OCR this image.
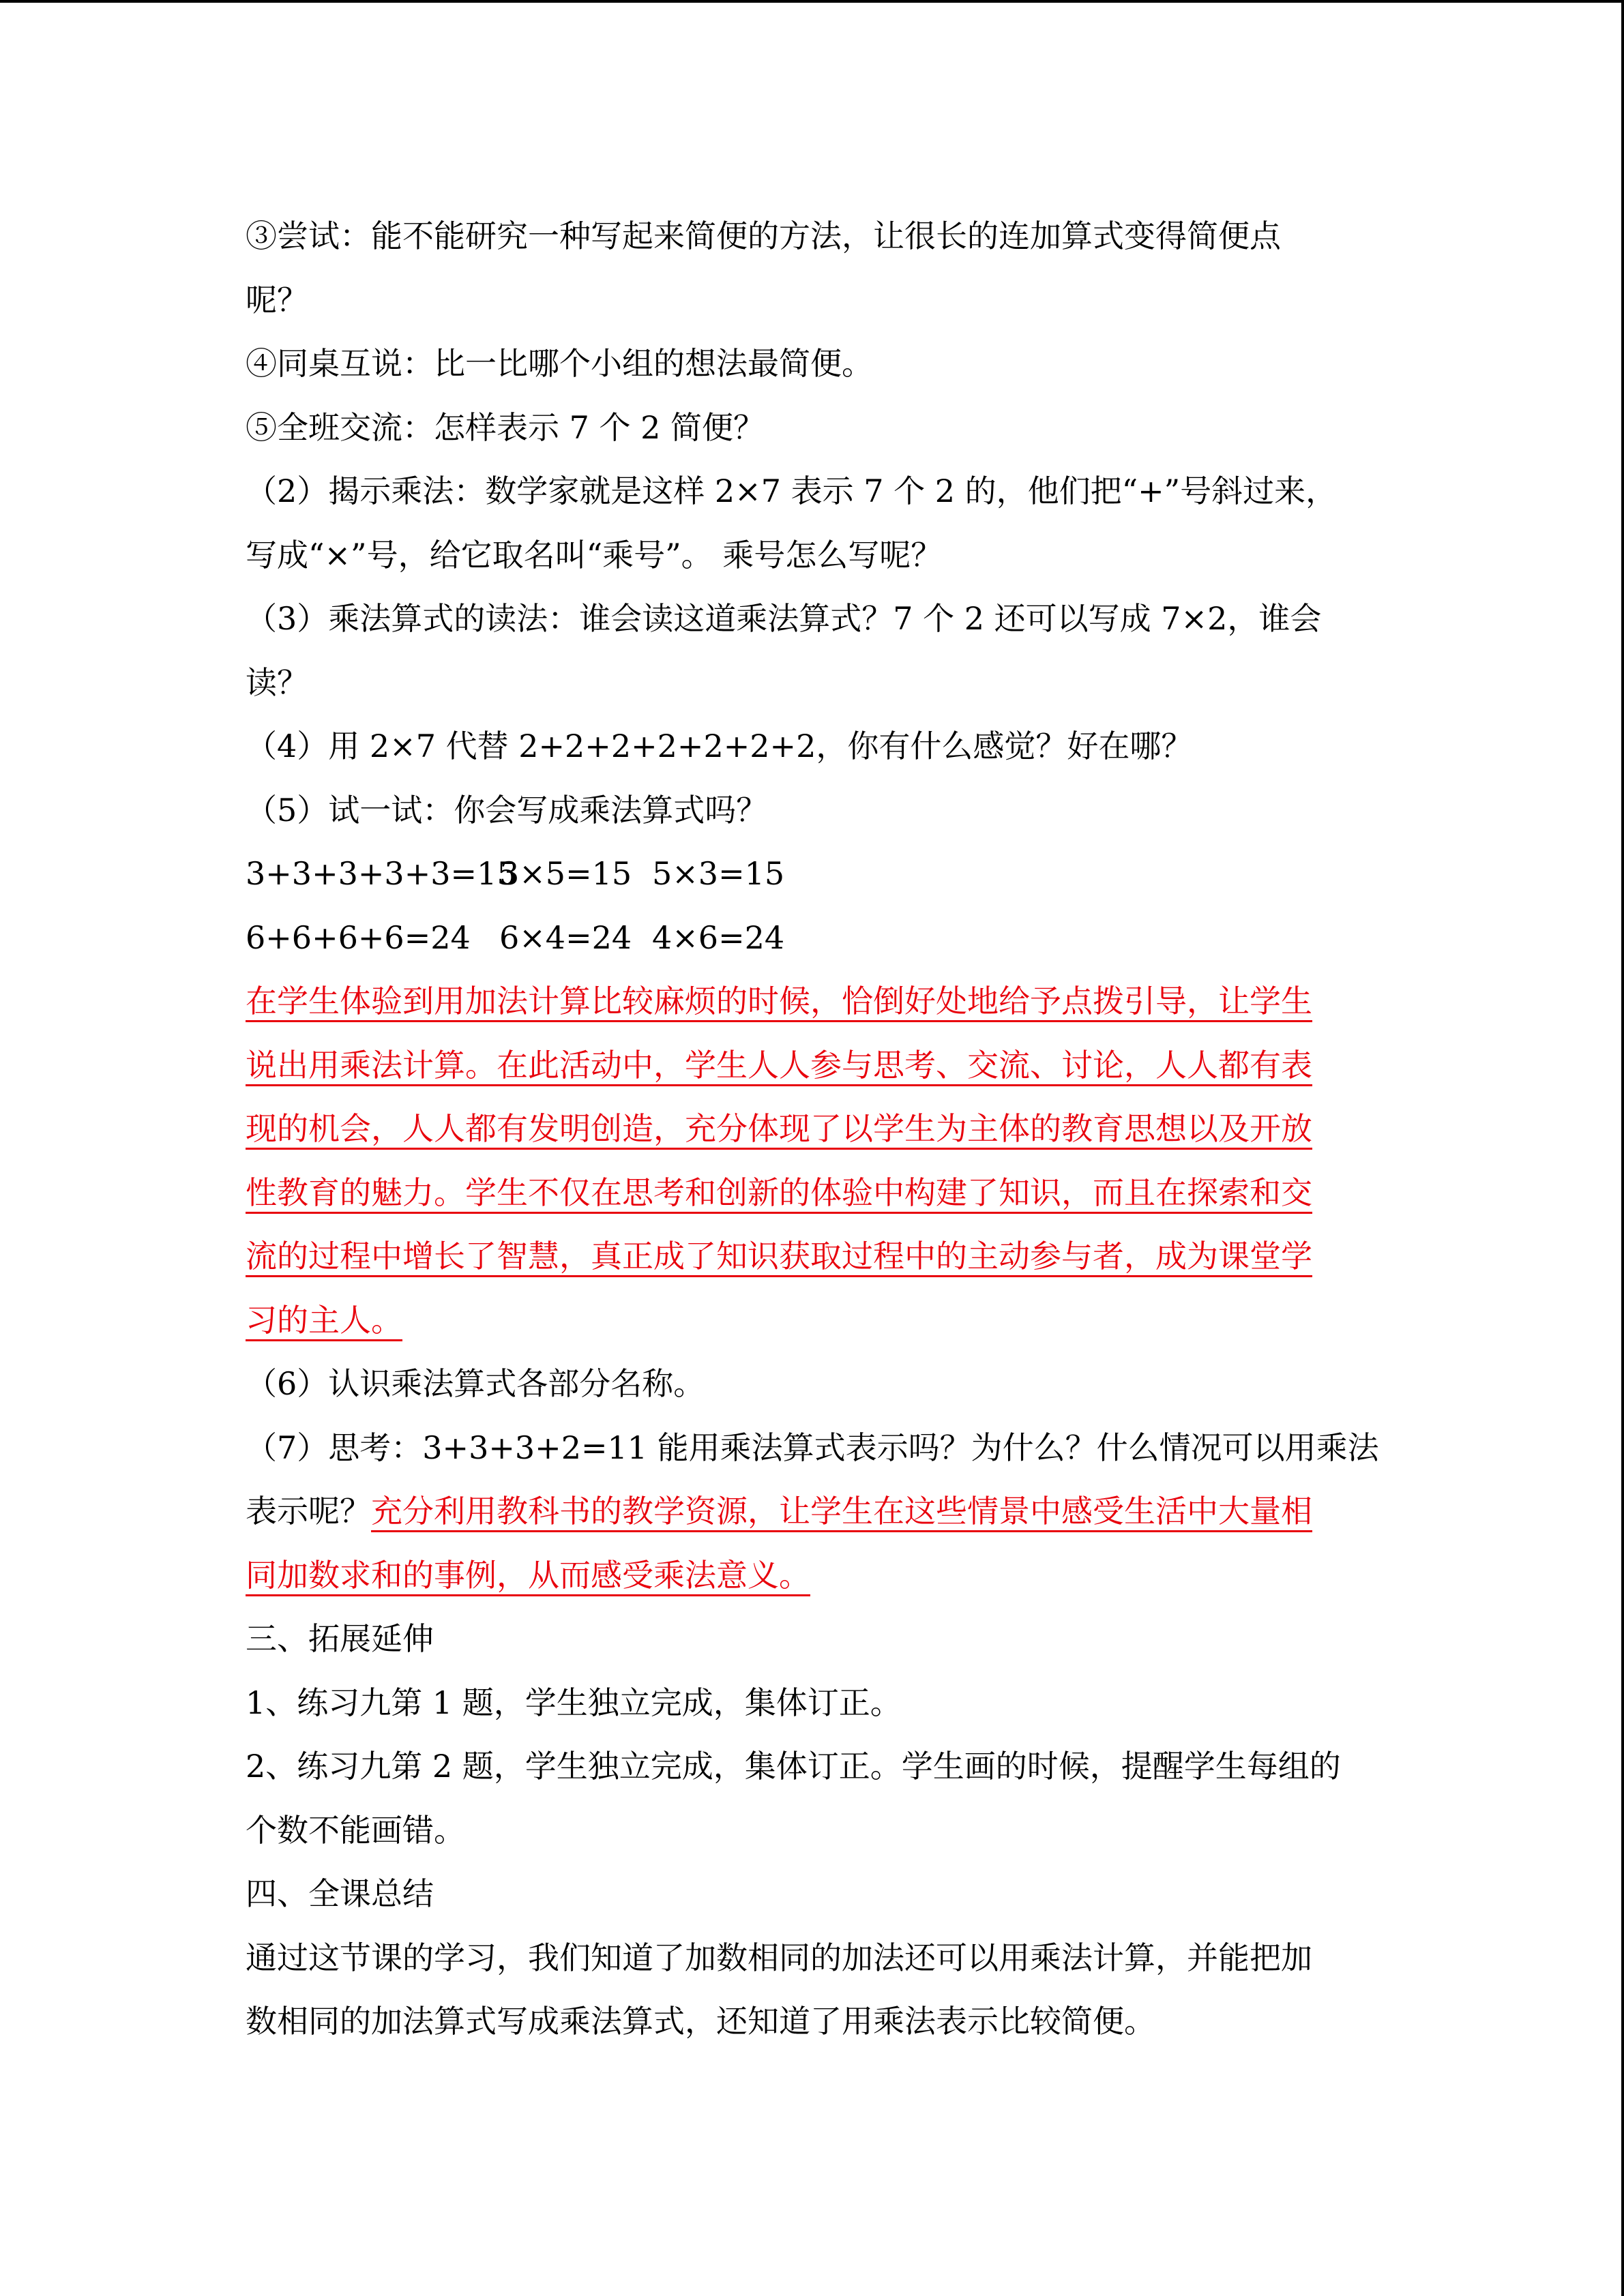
③尝试：能不能研究一种写起来简便的方法，让很长的连加算式变得简便点
呢？
④同桌互说：比一比哪个小组的想法最简便。
⑤全班交流：怎样表示 7 个 2 简便？
（2）揭示乘法：数学家就是这样 2×7 表示 7 个 2 的，他们把“+”号斜过来，
写成“×”号，给它取名叫“乘号”。 乘号怎么写呢？
（3）乘法算式的读法：谁会读这道乘法算式？7 个 2 还可以写成 7×2，谁会
读？
（4）用 2×7 代替 2+2+2+2+2+2+2，你有什么感觉？好在哪？
（5）试一试：你会写成乘法算式吗？
3+3+3+3+3=153×5=15 5×3=15
6+6+6+6=24 6×4=24 4×6=24
在学生体验到用加法计算比较麻烦的时候，恰倒好处地给予点拨引导，让学生
说出用乘法计算。在此活动中，学生人人参与思考、交流、讨论，人人都有表
现的机会，人人都有发明创造，充分体现了以学生为主体的教育思想以及开放
性教育的魅力。学生不仅在思考和创新的体验中构建了知识，而且在探索和交
流的过程中增长了智慧，真正成了知识获取过程中的主动参与者，成为课堂学
习的主人。
（6）认识乘法算式各部分名称。
（7）思考：3+3+3+2=11 能用乘法算式表示吗？为什么？什么情况可以用乘法
表示呢？充分利用教科书的教学资源，让学生在这些情景中感受生活中大量相
同加数求和的事例，从而感受乘法意义。
三、拓展延伸
1、练习九第 1 题，学生独立完成，集体订正。
2、练习九第 2 题，学生独立完成，集体订正。学生画的时候，提醒学生每组的
个数不能画错。
四、全课总结
通过这节课的学习，我们知道了加数相同的加法还可以用乘法计算，并能把加
数相同的加法算式写成乘法算式，还知道了用乘法表示比较简便。
